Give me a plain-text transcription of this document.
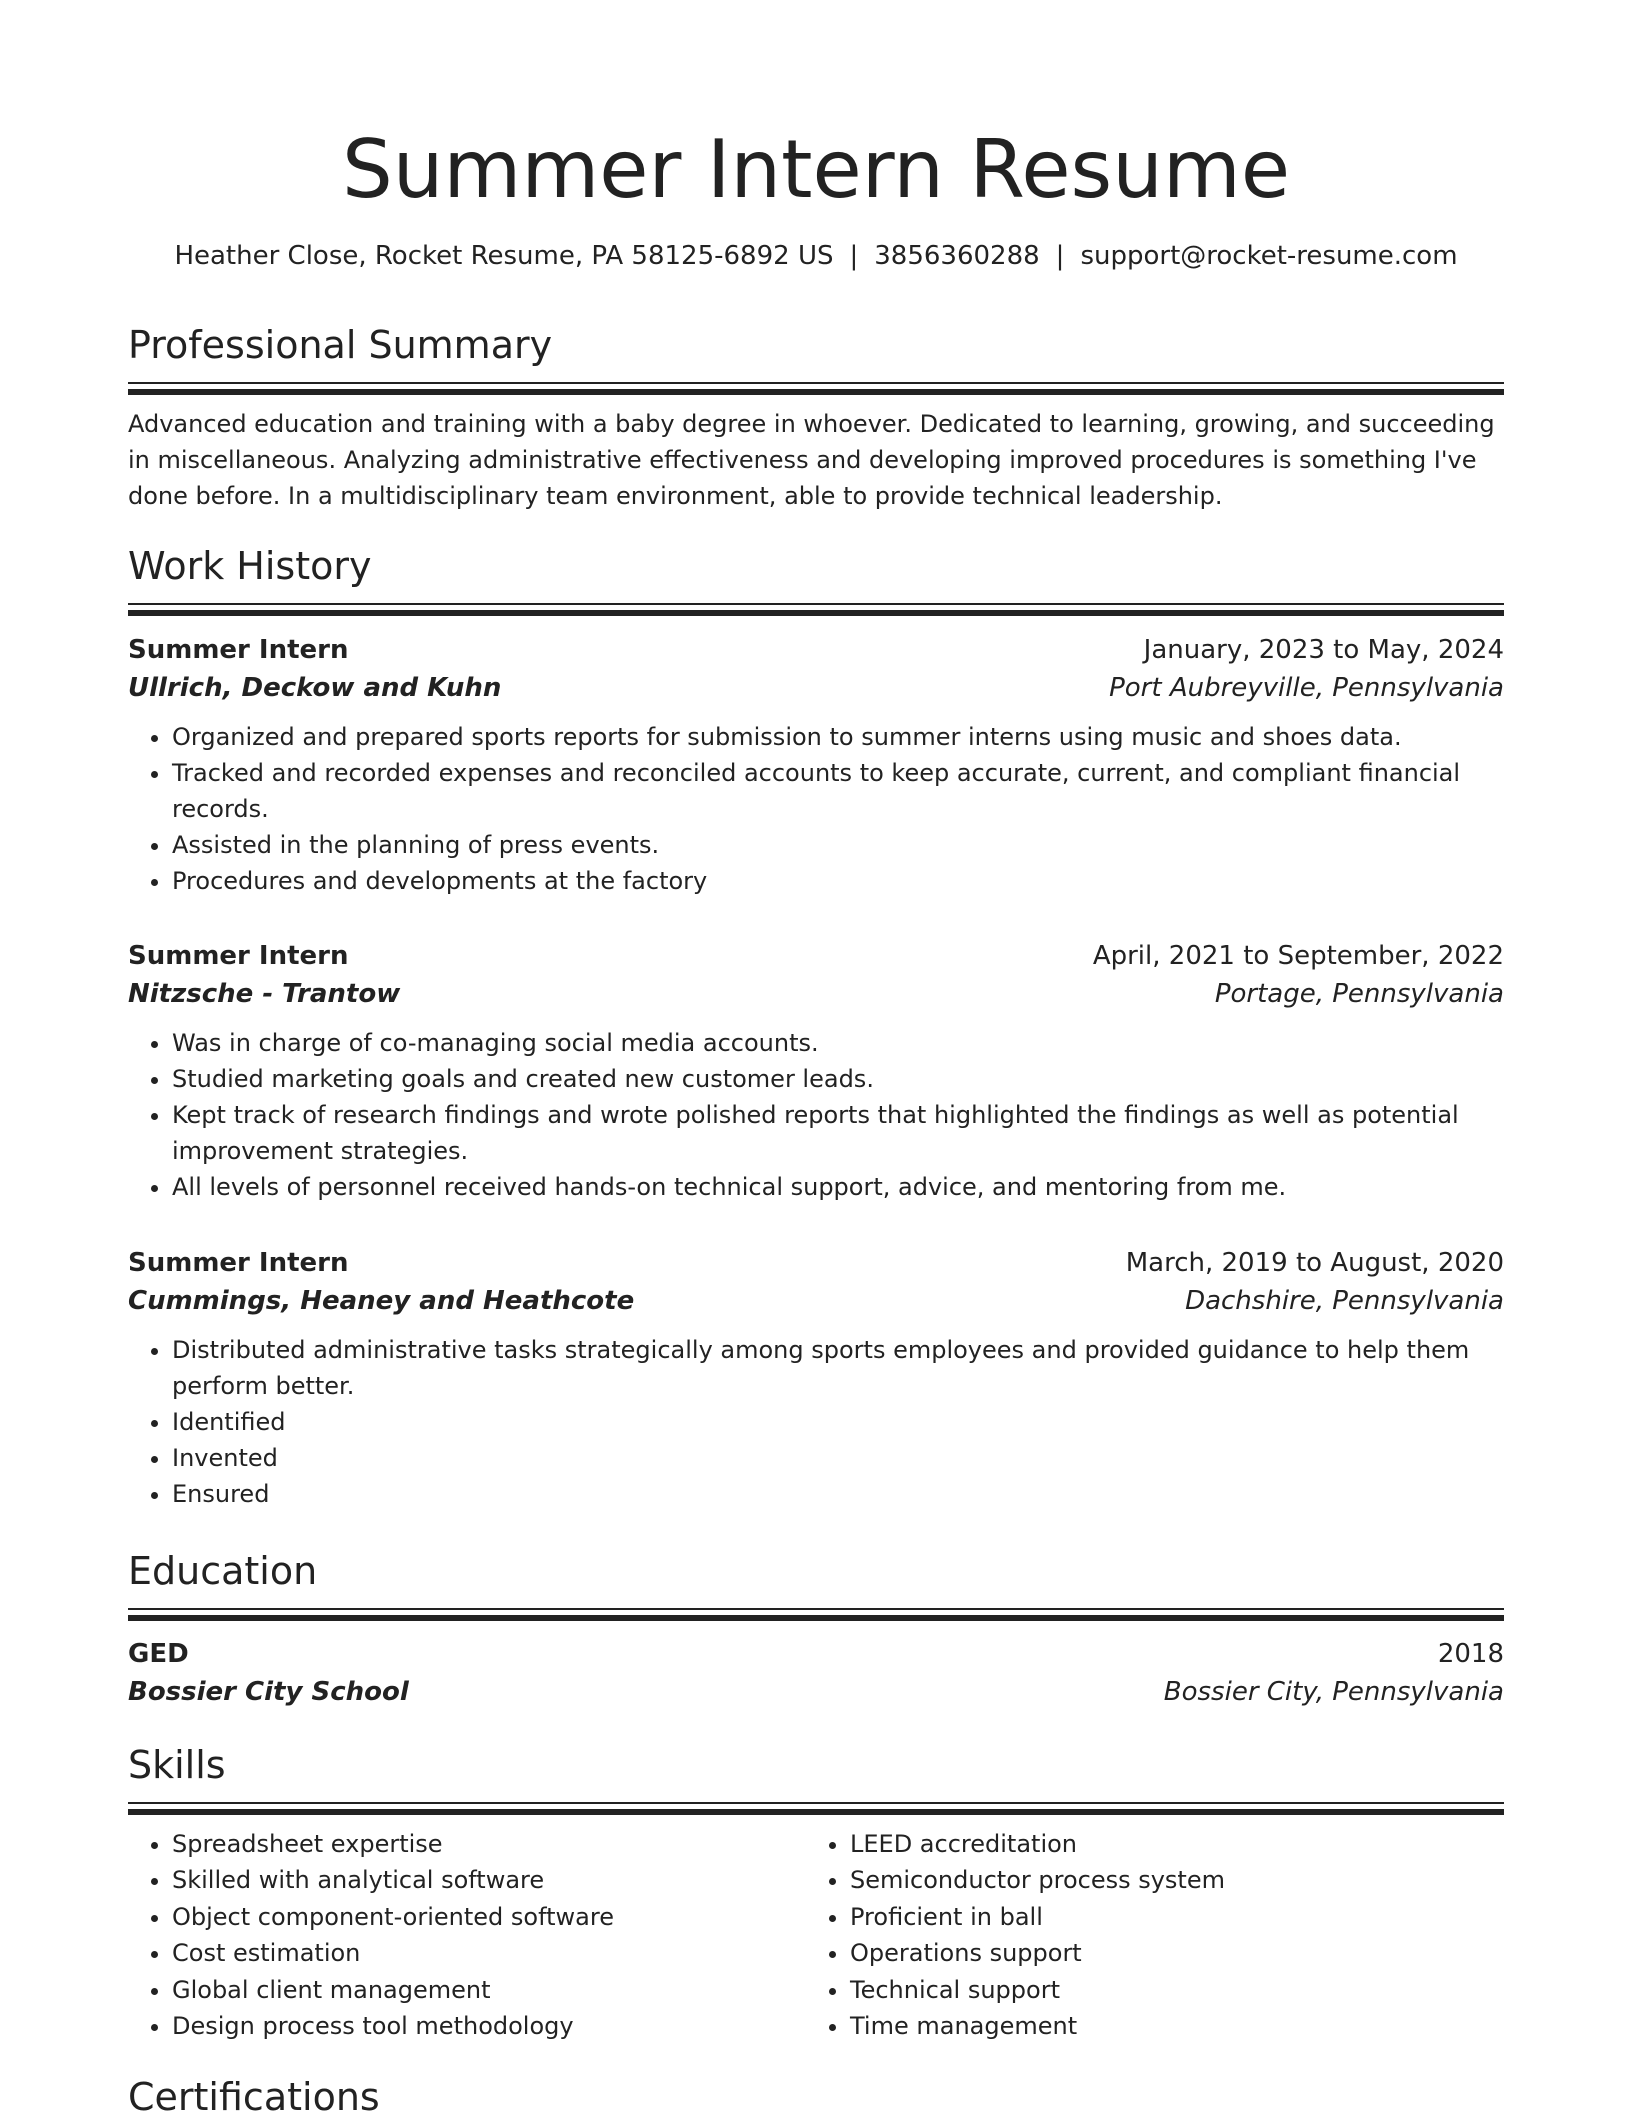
Summer Intern Resume
Heather Close, Rocket Resume, PA 58125-6892 US | 3856360288 | support@rocket-resume.com
Professional Summary

Advanced education and training with a baby degree in whoever. Dedicated to learning, growing, and succeeding in miscellaneous. Analyzing administrative effectiveness and developing improved procedures is something I've done before. In a multidisciplinary team environment, able to provide technical leadership.

Work History
Summer Intern	January, 2023 to May, 2024
Ullrich, Deckow and Kuhn	Port Aubreyville, Pennsylvania
• Organized and prepared sports reports for submission to summer interns using music and shoes data.
• Tracked and recorded expenses and reconciled accounts to keep accurate, current, and compliant financial records.
• Assisted in the planning of press events.
• Procedures and developments at the factory
Summer Intern	April, 2021 to September, 2022
Nitzsche - Trantow	Portage, Pennsylvania
• Was in charge of co-managing social media accounts.
• Studied marketing goals and created new customer leads.
• Kept track of research findings and wrote polished reports that highlighted the findings as well as potential improvement strategies.
• All levels of personnel received hands-on technical support, advice, and mentoring from me.
Summer Intern	March, 2019 to August, 2020
Cummings, Heaney and Heathcote	Dachshire, Pennsylvania
• Distributed administrative tasks strategically among sports employees and provided guidance to help them perform better.
• Identified
• Invented
• Ensured
Education
GED	2018
Bossier City School	Bossier City, Pennsylvania
Skills
• Spreadsheet expertise
• Skilled with analytical software
• Object component-oriented software
• Cost estimation
• Global client management
• Design process tool methodology
• LEED accreditation
• Semiconductor process system
• Proficient in ball
• Operations support
• Technical support
• Time management
Certifications
